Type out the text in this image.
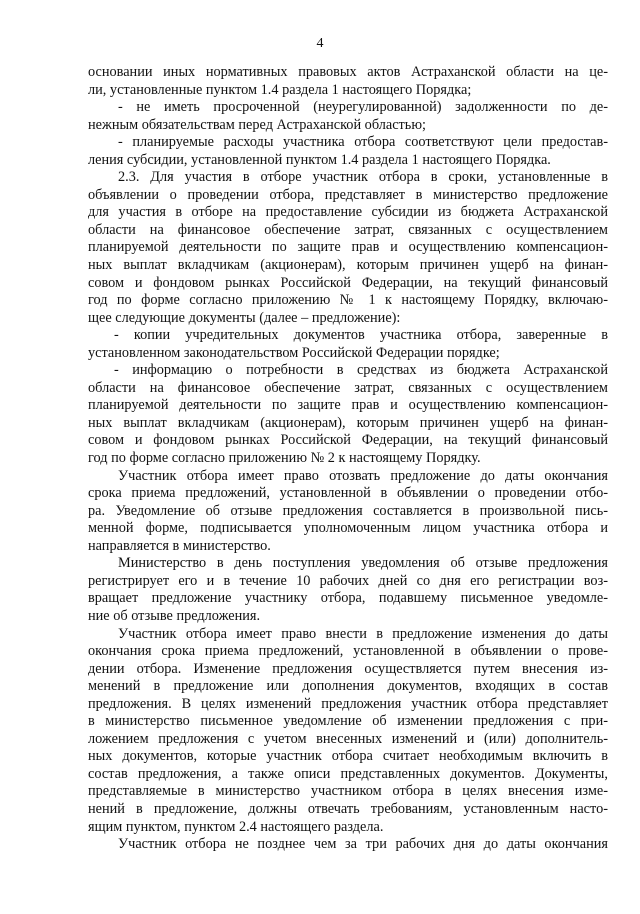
4
основании иных нормативных правовых актов Астраханской области на це-
ли, установленные пунктом 1.4 раздела 1 настоящего Порядка;
- не иметь просроченной (неурегулированной) задолженности по де-
нежным обязательствам перед Астраханской областью;
- планируемые расходы участника отбора соответствуют цели предостав-
ления субсидии, установленной пунктом 1.4 раздела 1 настоящего Порядка.
2.3. Для участия в отборе участник отбора в сроки, установленные в
объявлении о проведении отбора, представляет в министерство предложение
для участия в отборе на предоставление субсидии из бюджета Астраханской
области на финансовое обеспечение затрат, связанных с осуществлением
планируемой деятельности по защите прав и осуществлению компенсацион-
ных выплат вкладчикам (акционерам), которым причинен ущерб на финан-
совом и фондовом рынках Российской Федерации, на текущий финансовый
год по форме согласно приложению № 1 к настоящему Порядку, включаю-
щее следующие документы (далее – предложение):
- копии учредительных документов участника отбора, заверенные в
установленном законодательством Российской Федерации порядке;
- информацию о потребности в средствах из бюджета Астраханской
области на финансовое обеспечение затрат, связанных с осуществлением
планируемой деятельности по защите прав и осуществлению компенсацион-
ных выплат вкладчикам (акционерам), которым причинен ущерб на финан-
совом и фондовом рынках Российской Федерации, на текущий финансовый
год по форме согласно приложению № 2 к настоящему Порядку.
Участник отбора имеет право отозвать предложение до даты окончания
срока приема предложений, установленной в объявлении о проведении отбо-
ра. Уведомление об отзыве предложения составляется в произвольной пись-
менной форме, подписывается уполномоченным лицом участника отбора и
направляется в министерство.
Министерство в день поступления уведомления об отзыве предложения
регистрирует его и в течение 10 рабочих дней со дня его регистрации воз-
вращает предложение участнику отбора, подавшему письменное уведомле-
ние об отзыве предложения.
Участник отбора имеет право внести в предложение изменения до даты
окончания срока приема предложений, установленной в объявлении о прове-
дении отбора. Изменение предложения осуществляется путем внесения из-
менений в предложение или дополнения документов, входящих в состав
предложения. В целях изменений предложения участник отбора представляет
в министерство письменное уведомление об изменении предложения с при-
ложением предложения с учетом внесенных изменений и (или) дополнитель-
ных документов, которые участник отбора считает необходимым включить в
состав предложения, а также описи представленных документов. Документы,
представляемые в министерство участником отбора в целях внесения изме-
нений в предложение, должны отвечать требованиям, установленным насто-
ящим пунктом, пунктом 2.4 настоящего раздела.
Участник отбора не позднее чем за три рабочих дня до даты окончания
